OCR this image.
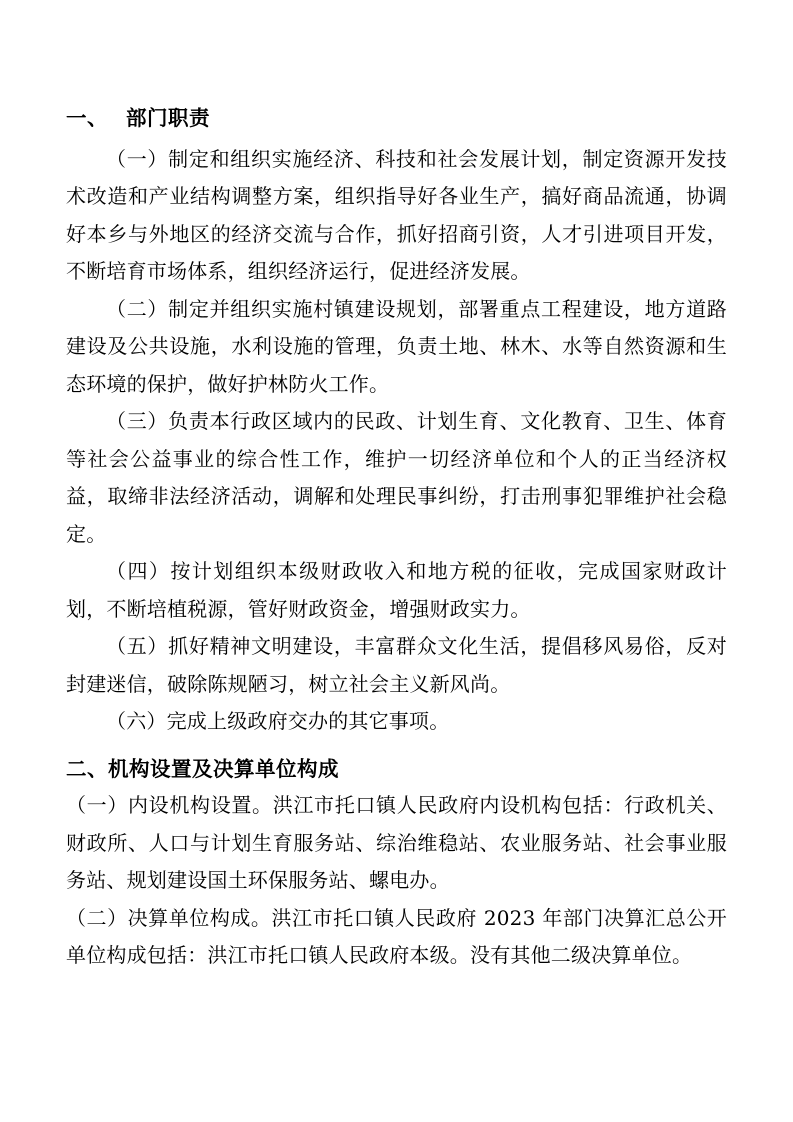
一、 部门职责

（一）制定和组织实施经济、科技和社会发展计划，制定资源开发技术改造和产业结构调整方案，组织指导好各业生产，搞好商品流通，协调好本乡与外地区的经济交流与合作，抓好招商引资，人才引进项目开发，不断培育市场体系，组织经济运行，促进经济发展。

（二）制定并组织实施村镇建设规划，部署重点工程建设，地方道路建设及公共设施，水利设施的管理，负责土地、林木、水等自然资源和生态环境的保护，做好护林防火工作。

（三）负责本行政区域内的民政、计划生育、文化教育、卫生、体育等社会公益事业的综合性工作，维护一切经济单位和个人的正当经济权益，取缔非法经济活动，调解和处理民事纠纷，打击刑事犯罪维护社会稳定。

（四）按计划组织本级财政收入和地方税的征收，完成国家财政计划，不断培植税源，管好财政资金，增强财政实力。

（五）抓好精神文明建设，丰富群众文化生活，提倡移风易俗，反对封建迷信，破除陈规陋习，树立社会主义新风尚。

（六）完成上级政府交办的其它事项。

二、机构设置及决算单位构成

（一）内设机构设置。洪江市托口镇人民政府内设机构包括：行政机关、财政所、人口与计划生育服务站、综治维稳站、农业服务站、社会事业服务站、规划建设国土环保服务站、螺电办。

（二）决算单位构成。洪江市托口镇人民政府 2023 年部门决算汇总公开单位构成包括：洪江市托口镇人民政府本级。没有其他二级决算单位。
